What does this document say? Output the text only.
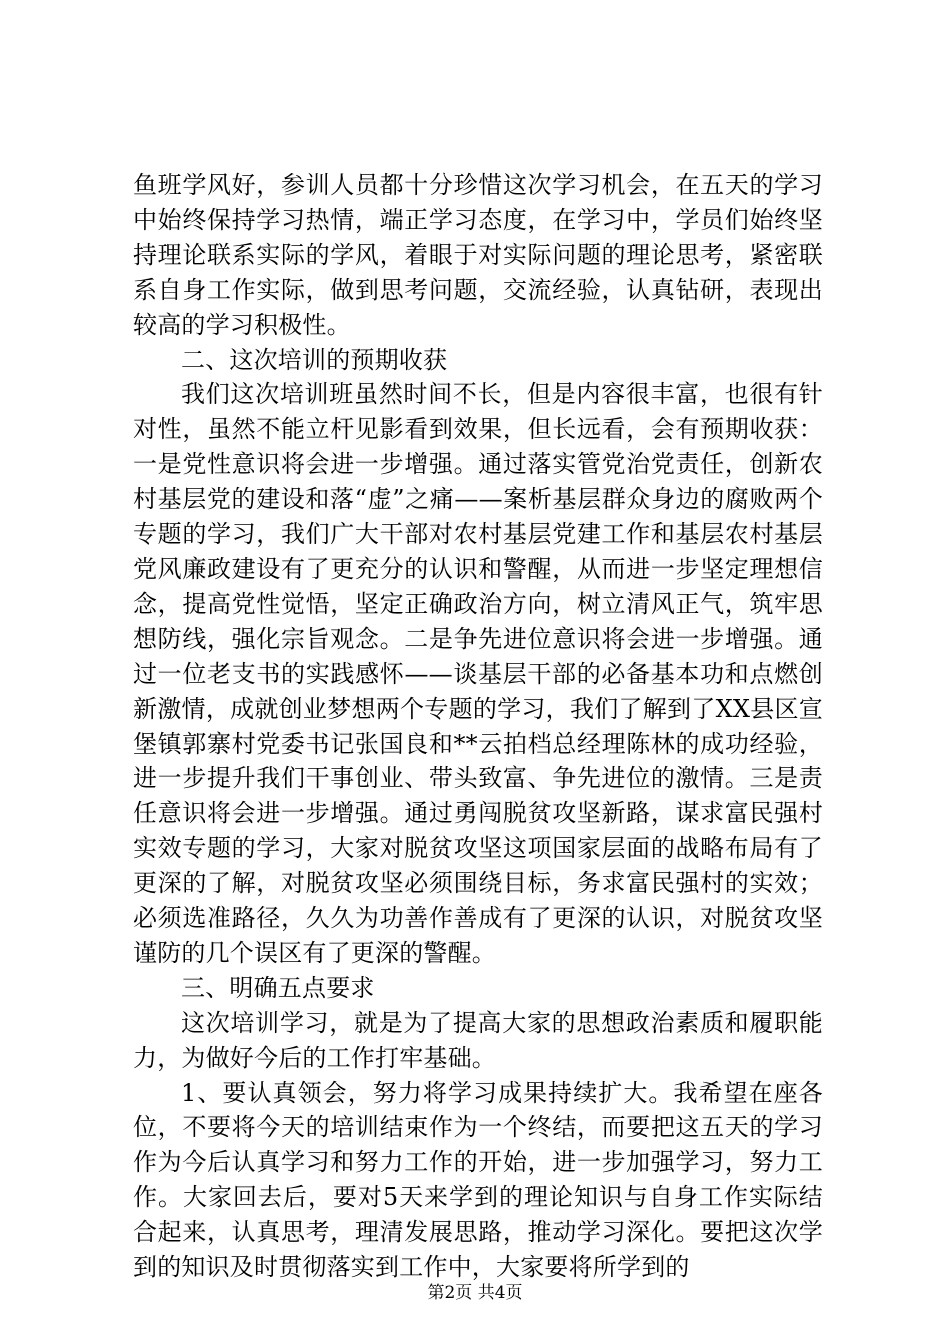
鱼班学风好，参训人员都十分珍惜这次学习机会，在五天的学习中始终保持学习热情，端正学习态度，在学习中，学员们始终坚持理论联系实际的学风，着眼于对实际问题的理论思考，紧密联系自身工作实际，做到思考问题，交流经验，认真钻研，表现出较高的学习积极性。

二、这次培训的预期收获

我们这次培训班虽然时间不长，但是内容很丰富，也很有针对性，虽然不能立杆见影看到效果，但长远看，会有预期收获：一是党性意识将会进一步增强。通过落实管党治党责任，创新农村基层党的建设和落“虚”之痛——案析基层群众身边的腐败两个专题的学习，我们广大干部对农村基层党建工作和基层农村基层党风廉政建设有了更充分的认识和警醒，从而进一步坚定理想信念，提高党性觉悟，坚定正确政治方向，树立清风正气，筑牢思想防线，强化宗旨观念。二是争先进位意识将会进一步增强。通过一位老支书的实践感怀——谈基层干部的必备基本功和点燃创新激情，成就创业梦想两个专题的学习，我们了解到了XX县区宣堡镇郭寨村党委书记张国良和**云拍档总经理陈林的成功经验，进一步提升我们干事创业、带头致富、争先进位的激情。三是责任意识将会进一步增强。通过勇闯脱贫攻坚新路，谋求富民强村实效专题的学习，大家对脱贫攻坚这项国家层面的战略布局有了更深的了解，对脱贫攻坚必须围绕目标，务求富民强村的实效；必须选准路径，久久为功善作善成有了更深的认识，对脱贫攻坚谨防的几个误区有了更深的警醒。

三、明确五点要求

这次培训学习，就是为了提高大家的思想政治素质和履职能力，为做好今后的工作打牢基础。

1、要认真领会，努力将学习成果持续扩大。我希望在座各位，不要将今天的培训结束作为一个终结，而要把这五天的学习作为今后认真学习和努力工作的开始，进一步加强学习，努力工作。大家回去后，要对5天来学到的理论知识与自身工作实际结合起来，认真思考，理清发展思路，推动学习深化。要把这次学到的知识及时贯彻落实到工作中，大家要将所学到的

第2页 共4页
